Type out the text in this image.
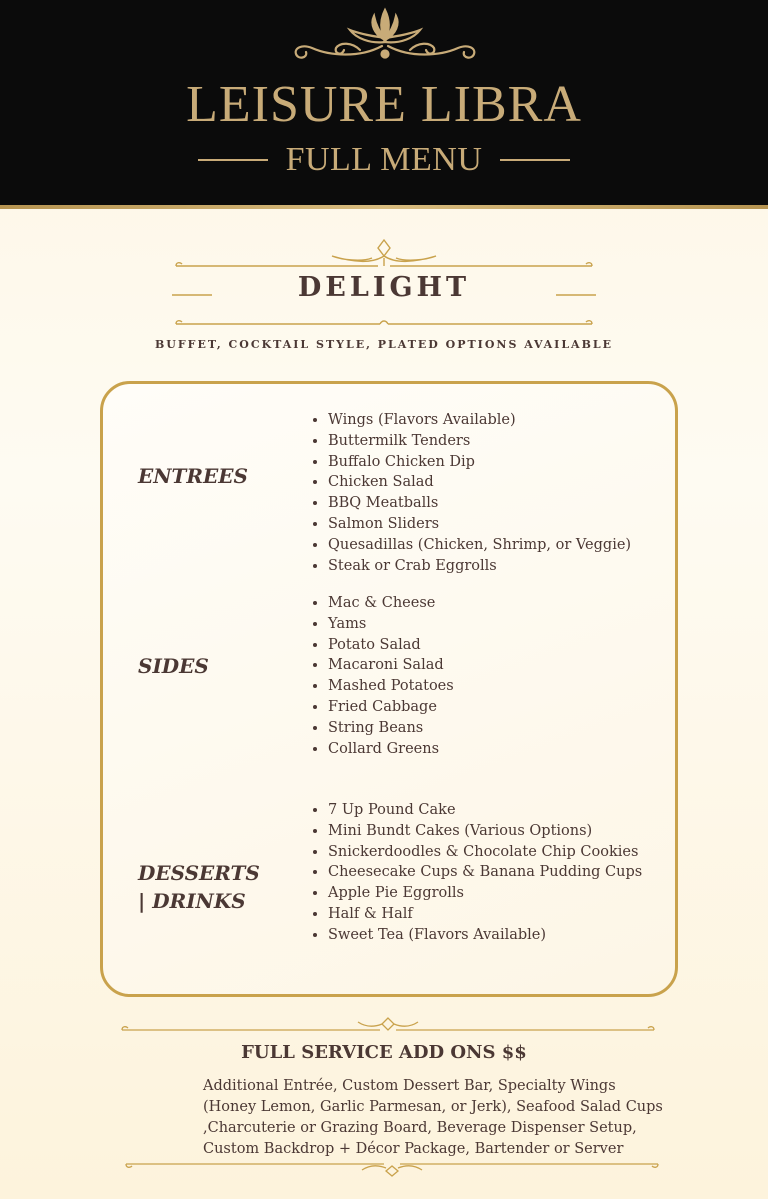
LEISURE LIBRA
FULL MENU
DELIGHT
BUFFET, COCKTAIL STYLE, PLATED OPTIONS AVAILABLE
ENTREES
• Wings (Flavors Available)
• Buttermilk Tenders
• Buffalo Chicken Dip
• Chicken Salad
• BBQ Meatballs
• Salmon Sliders
• Quesadillas (Chicken, Shrimp, or Veggie)
• Steak or Crab Eggrolls
SIDES
• Mac & Cheese
• Yams
• Potato Salad
• Macaroni Salad
• Mashed Potatoes
• Fried Cabbage
• String Beans
• Collard Greens
DESSERTS
| DRINKS
• 7 Up Pound Cake
• Mini Bundt Cakes (Various Options)
• Snickerdoodles & Chocolate Chip Cookies
• Cheesecake Cups & Banana Pudding Cups
• Apple Pie Eggrolls
• Half & Half
• Sweet Tea (Flavors Available)
FULL SERVICE ADD ONS $$
Additional Entrée, Custom Dessert Bar, Specialty Wings (Honey Lemon, Garlic Parmesan, or Jerk), Seafood Salad Cups ,Charcuterie or Grazing Board, Beverage Dispenser Setup, Custom Backdrop + Décor Package, Bartender or Server
